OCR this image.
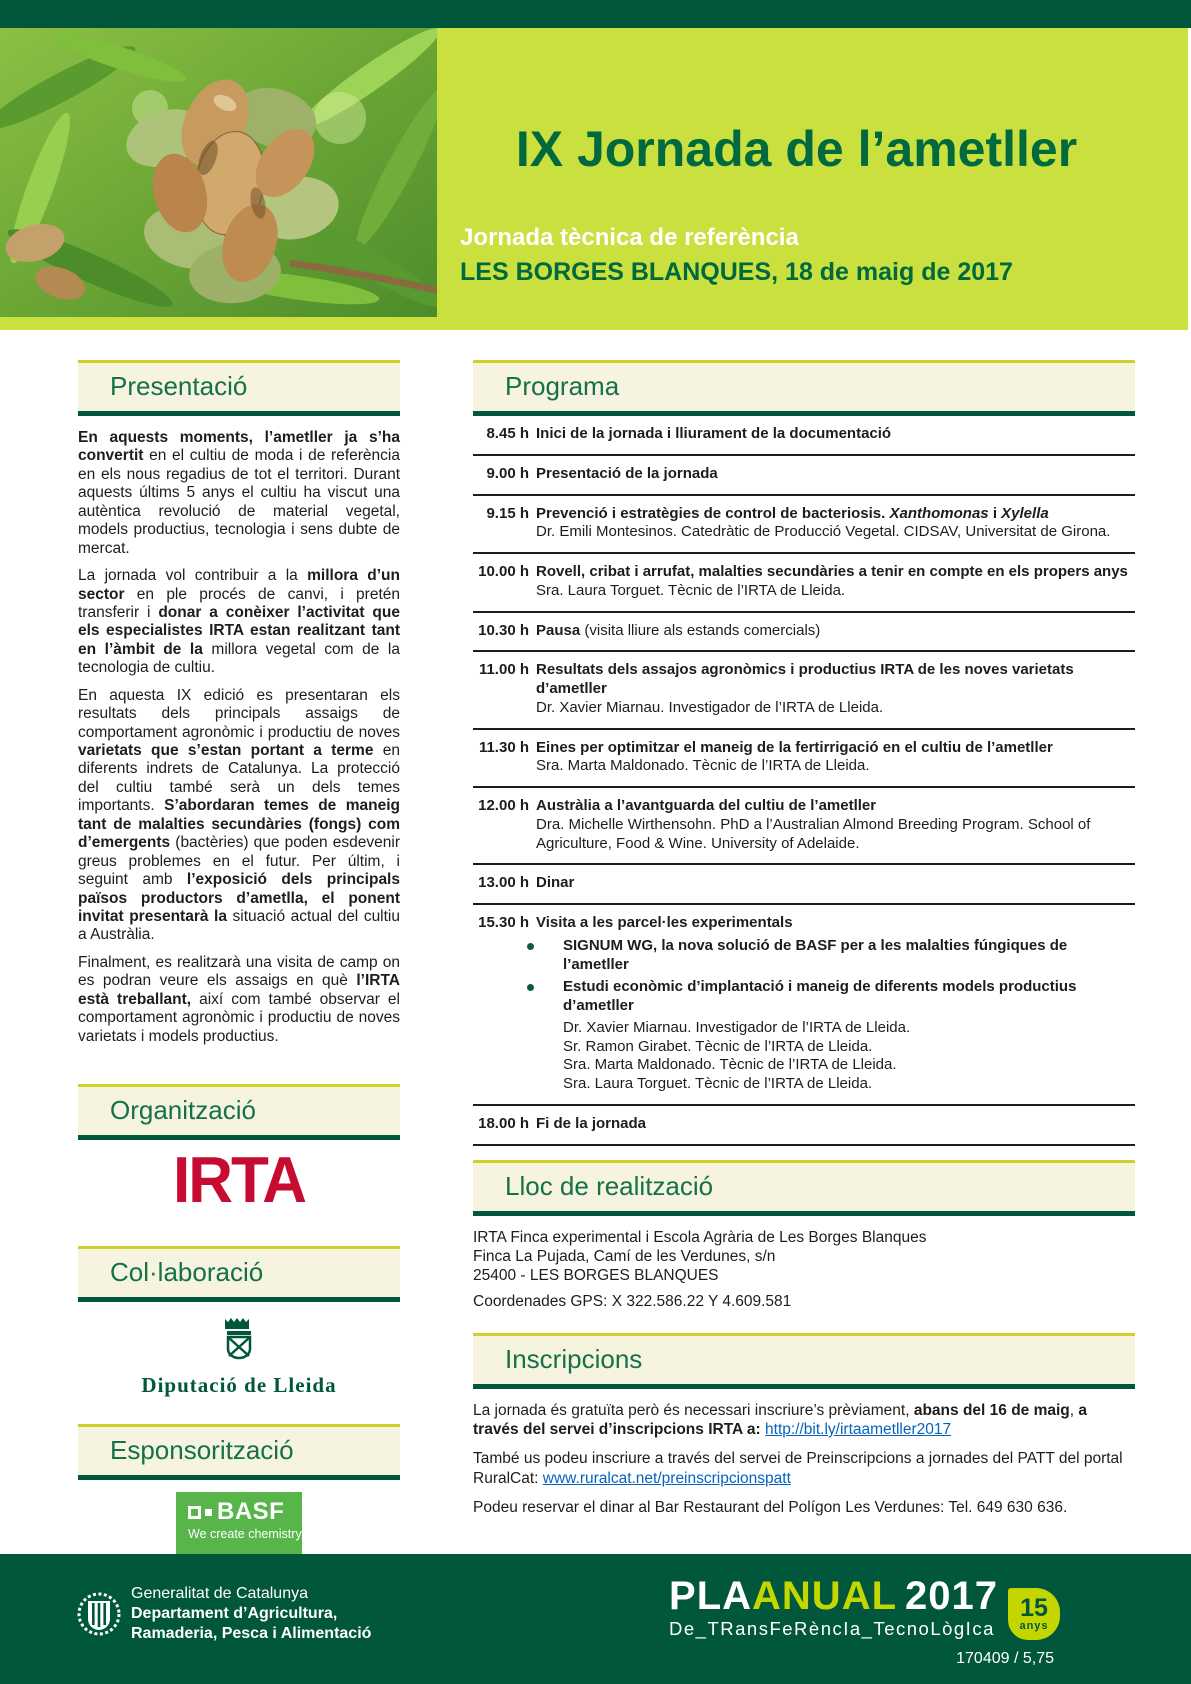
IX Jornada de l’ametller
Jornada tècnica de referència
LES BORGES BLANQUES, 18 de maig de 2017
Presentació
En aquests moments, l’ametller ja s’ha convertit en el cultiu de moda i de referència en els nous regadius de tot el territori. Durant aquests últims 5 anys el cultiu ha viscut una autèntica revolució de material vegetal, models productius, tecnologia i sens dubte de mercat.
La jornada vol contribuir a la millora d’un sector en ple procés de canvi, i pretén transferir i donar a conèixer l’activitat que els especialistes IRTA estan realitzant tant en l’àmbit de la millora vegetal com de la tecnologia de cultiu.
En aquesta IX edició es presentaran els resultats dels principals assaigs de comportament agronòmic i productiu de noves varietats que s’estan portant a terme en diferents indrets de Catalunya. La protecció del cultiu també serà un dels temes importants. S’abordaran temes de maneig tant de malalties secundàries (fongs) com d’emergents (bactèries) que poden esdevenir greus problemes en el futur. Per últim, i seguint amb l’exposició dels principals països productors d’ametlla, el ponent invitat presentarà la situació actual del cultiu a Austràlia.
Finalment, es realitzarà una visita de camp on es podran veure els assaigs en què l’IRTA està treballant, així com també observar el comportament agronòmic i productiu de noves varietats i models productius.
Organització
IRTA
Col·laboració
Diputació de Lleida
Esponsorització
BASF
We create chemistry
Programa
8.45 h Inici de la jornada i lliurament de la documentació
9.00 h Presentació de la jornada
9.15 h Prevenció i estratègies de control de bacteriosis. Xanthomonas i Xylella
Dr. Emili Montesinos. Catedràtic de Producció Vegetal. CIDSAV, Universitat de Girona.
10.00 h Rovell, cribat i arrufat, malalties secundàries a tenir en compte en els propers anys
Sra. Laura Torguet. Tècnic de l’IRTA de Lleida.
10.30 h Pausa (visita lliure als estands comercials)
11.00 h Resultats dels assajos agronòmics i productius IRTA de les noves varietats d’ametller
Dr. Xavier Miarnau. Investigador de l’IRTA de Lleida.
11.30 h Eines per optimitzar el maneig de la fertirrigació en el cultiu de l’ametller
Sra. Marta Maldonado. Tècnic de l’IRTA de Lleida.
12.00 h Austràlia a l’avantguarda del cultiu de l’ametller
Dra. Michelle Wirthensohn. PhD a l’Australian Almond Breeding Program. School of Agriculture, Food & Wine. University of Adelaide.
13.00 h Dinar
15.30 h Visita a les parcel·les experimentals
SIGNUM WG, la nova solució de BASF per a les malalties fúngiques de l’ametller
Estudi econòmic d’implantació i maneig de diferents models productius d’ametller
Dr. Xavier Miarnau. Investigador de l’IRTA de Lleida.
Sr. Ramon Girabet. Tècnic de l’IRTA de Lleida.
Sra. Marta Maldonado. Tècnic de l’IRTA de Lleida.
Sra. Laura Torguet. Tècnic de l’IRTA de Lleida.
18.00 h Fi de la jornada
Lloc de realització
IRTA Finca experimental i Escola Agrària de Les Borges Blanques
Finca La Pujada, Camí de les Verdunes, s/n
25400 - LES BORGES BLANQUES
Coordenades GPS: X 322.586.22 Y 4.609.581
Inscripcions
La jornada és gratuïta però és necessari inscriure’s prèviament, abans del 16 de maig, a través del servei d’inscripcions IRTA a: http://bit.ly/irtaametller2017
També us podeu inscriure a través del servei de Preinscripcions a jornades del PATT del portal RuralCat: www.ruralcat.net/preinscripcionspatt
Podeu reservar el dinar al Bar Restaurant del Polígon Les Verdunes: Tel. 649 630 636.
Generalitat de Catalunya
Departament d’Agricultura,
Ramaderia, Pesca i Alimentació
PLAANUAL 2017
De_TRansFeRèncIa_TecnoLògIca
15
anys
170409 / 5,75
